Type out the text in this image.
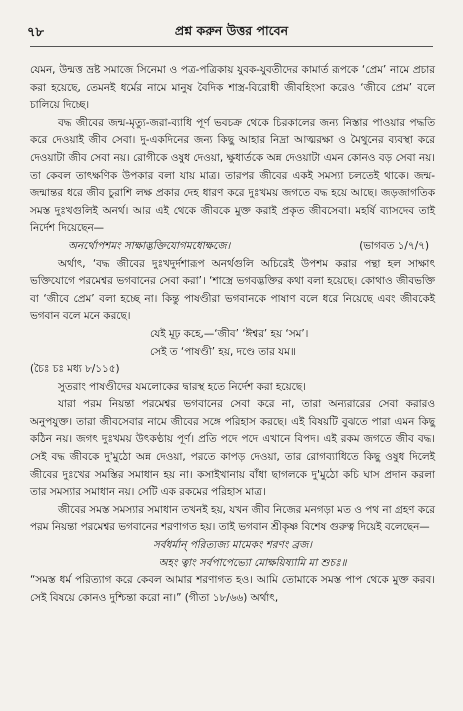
৭৮	প্রশ্ন করুন উত্তর পাবেন

যেমন, উন্মত্ত ভ্রষ্ট সমাজে সিনেমা ও পত্র-পত্রিকায় যুবক-যুবতীদের কামার্ত রূপকে ‘প্রেম’ নামে প্রচার করা হয়েছে, তেমনই ধর্মের নামে মানুষ বৈদিক শাস্ত্র-বিরোধী জীবহিংসা করেও ‘জীবে প্রেম’ বলে চালিয়ে দিচ্ছে।

বদ্ধ জীবের জন্ম-মৃত্যু-জরা-ব্যাধি পূর্ণ ভবচক্র থেকে চিরকালের জন্য নিস্তার পাওয়ার পদ্ধতি করে দেওয়াই জীব সেবা। দু-একদিনের জন্য কিছু আহার নিদ্রা আত্মরক্ষা ও মৈথুনের ব্যবস্থা করে দেওয়াটা জীব সেবা নয়। রোগীকে ওষুধ দেওয়া, ক্ষুধার্তকে অন্ন দেওয়াটা এমন কোনও বড় সেবা নয়। তা কেবল তাৎক্ষণিক উপকার বলা যায় মাত্র। তারপর জীবের একই সমস্যা চলতেই থাকে। জন্ম-জন্মান্তর ধরে জীব চুরাশি লক্ষ প্রকার দেহ ধারণ করে দুঃখময় জগতে বদ্ধ হয়ে আছে। জড়জাগতিক সমস্ত দুঃখগুলিই অনর্থ। আর এই থেকে জীবকে মুক্ত করাই প্রকৃত জীবসেবা। মহর্ষি ব্যাসদেব তাই নির্দেশ দিয়েছেন—

অনর্থোপশমং সাক্ষাদ্ভক্তিযোগমধোক্ষজে।	(ভাগবত ১/৭/৭)

অর্থাৎ, ‘বদ্ধ জীবের দুঃখদুর্দশারূপ অনর্থগুলি অচিরেই উপশম করার পন্থা হল সাক্ষাৎ ভক্তিযোগে পরমেশ্বর ভগবানের সেবা করা’। ‘শাস্ত্রে ভগবদ্ভক্তির কথা বলা হয়েছে। কোথাও জীবভক্তি বা ‘জীবে প্রেম’ বলা হচ্ছে না। কিন্তু পাষণ্ডীরা ভগবানকে পাষাণ বলে ধরে নিয়েছে এবং জীবকেই ভগবান বলে মনে করছে।

যেই মূঢ় কহে,—‘জীব’ ‘ঈশ্বর’ হয় ‘সম’।
সেই ত ‘পাষণ্ডী’ হয়, দণ্ডে তার যম॥

(চৈঃ চঃ মধ্য ৮/১১৫)

সুতরাং পাষণ্ডীদের যমলোকের দ্বারস্থ হতে নির্দেশ করা হয়েছে।

যারা পরম নিয়ন্তা পরমেশ্বর ভগবানের সেবা করে না, তারা অন্যরারের সেবা করারও অনুপযুক্ত। তারা জীবসেবার নামে জীবের সঙ্গে পরিহাস করছে। এই বিষয়টি বুঝতে পারা এমন কিছু কঠিন নয়। জগৎ দুঃখময় উৎকণ্ঠায় পূর্ণ। প্রতি পদে পদে এখানে বিপদ। এই রকম জগতে জীব বদ্ধ। সেই বদ্ধ জীবকে দু'মুঠো অন্ন দেওয়া, পরতে কাপড় দেওয়া, তার রোগব্যাধিতে কিছু ওষুধ দিলেই জীবের দুঃখের সমস্তির সমাধান হয় না। কসাইখানায় বাঁধা ছাগলকে দু'মুঠো কচি ঘাস প্রদান করলা তার সমস্যার সমাধান নয়। সেটি এক রকমের পরিহাস মাত্র।

জীবের সমস্ত সমস্যার সমাধান তখনই হয়, যখন জীব নিজের মনগড়া মত ও পথ না গ্রহণ করে পরম নিয়ন্তা পরমেশ্বর ভগবানের শরণাগত হয়। তাই ভগবান শ্রীকৃষ্ণ বিশেষ গুরুত্ব দিয়েই বলেছেন—

সর্বধর্মান্ পরিত্যজ্য মামেকং শরণং ব্রজ।
অহং ত্বাং সর্বপাপেভ্যো মোক্ষয়িষ্যামি মা শুচঃ॥

“সমস্ত ধর্ম পরিত্যাগ করে কেবল আমার শরণাগত হও। আমি তোমাকে সমস্ত পাপ থেকে মুক্ত করব। সেই বিষয়ে কোনও দুশ্চিন্তা করো না।” (গীতা ১৮/৬৬) অর্থাৎ,
